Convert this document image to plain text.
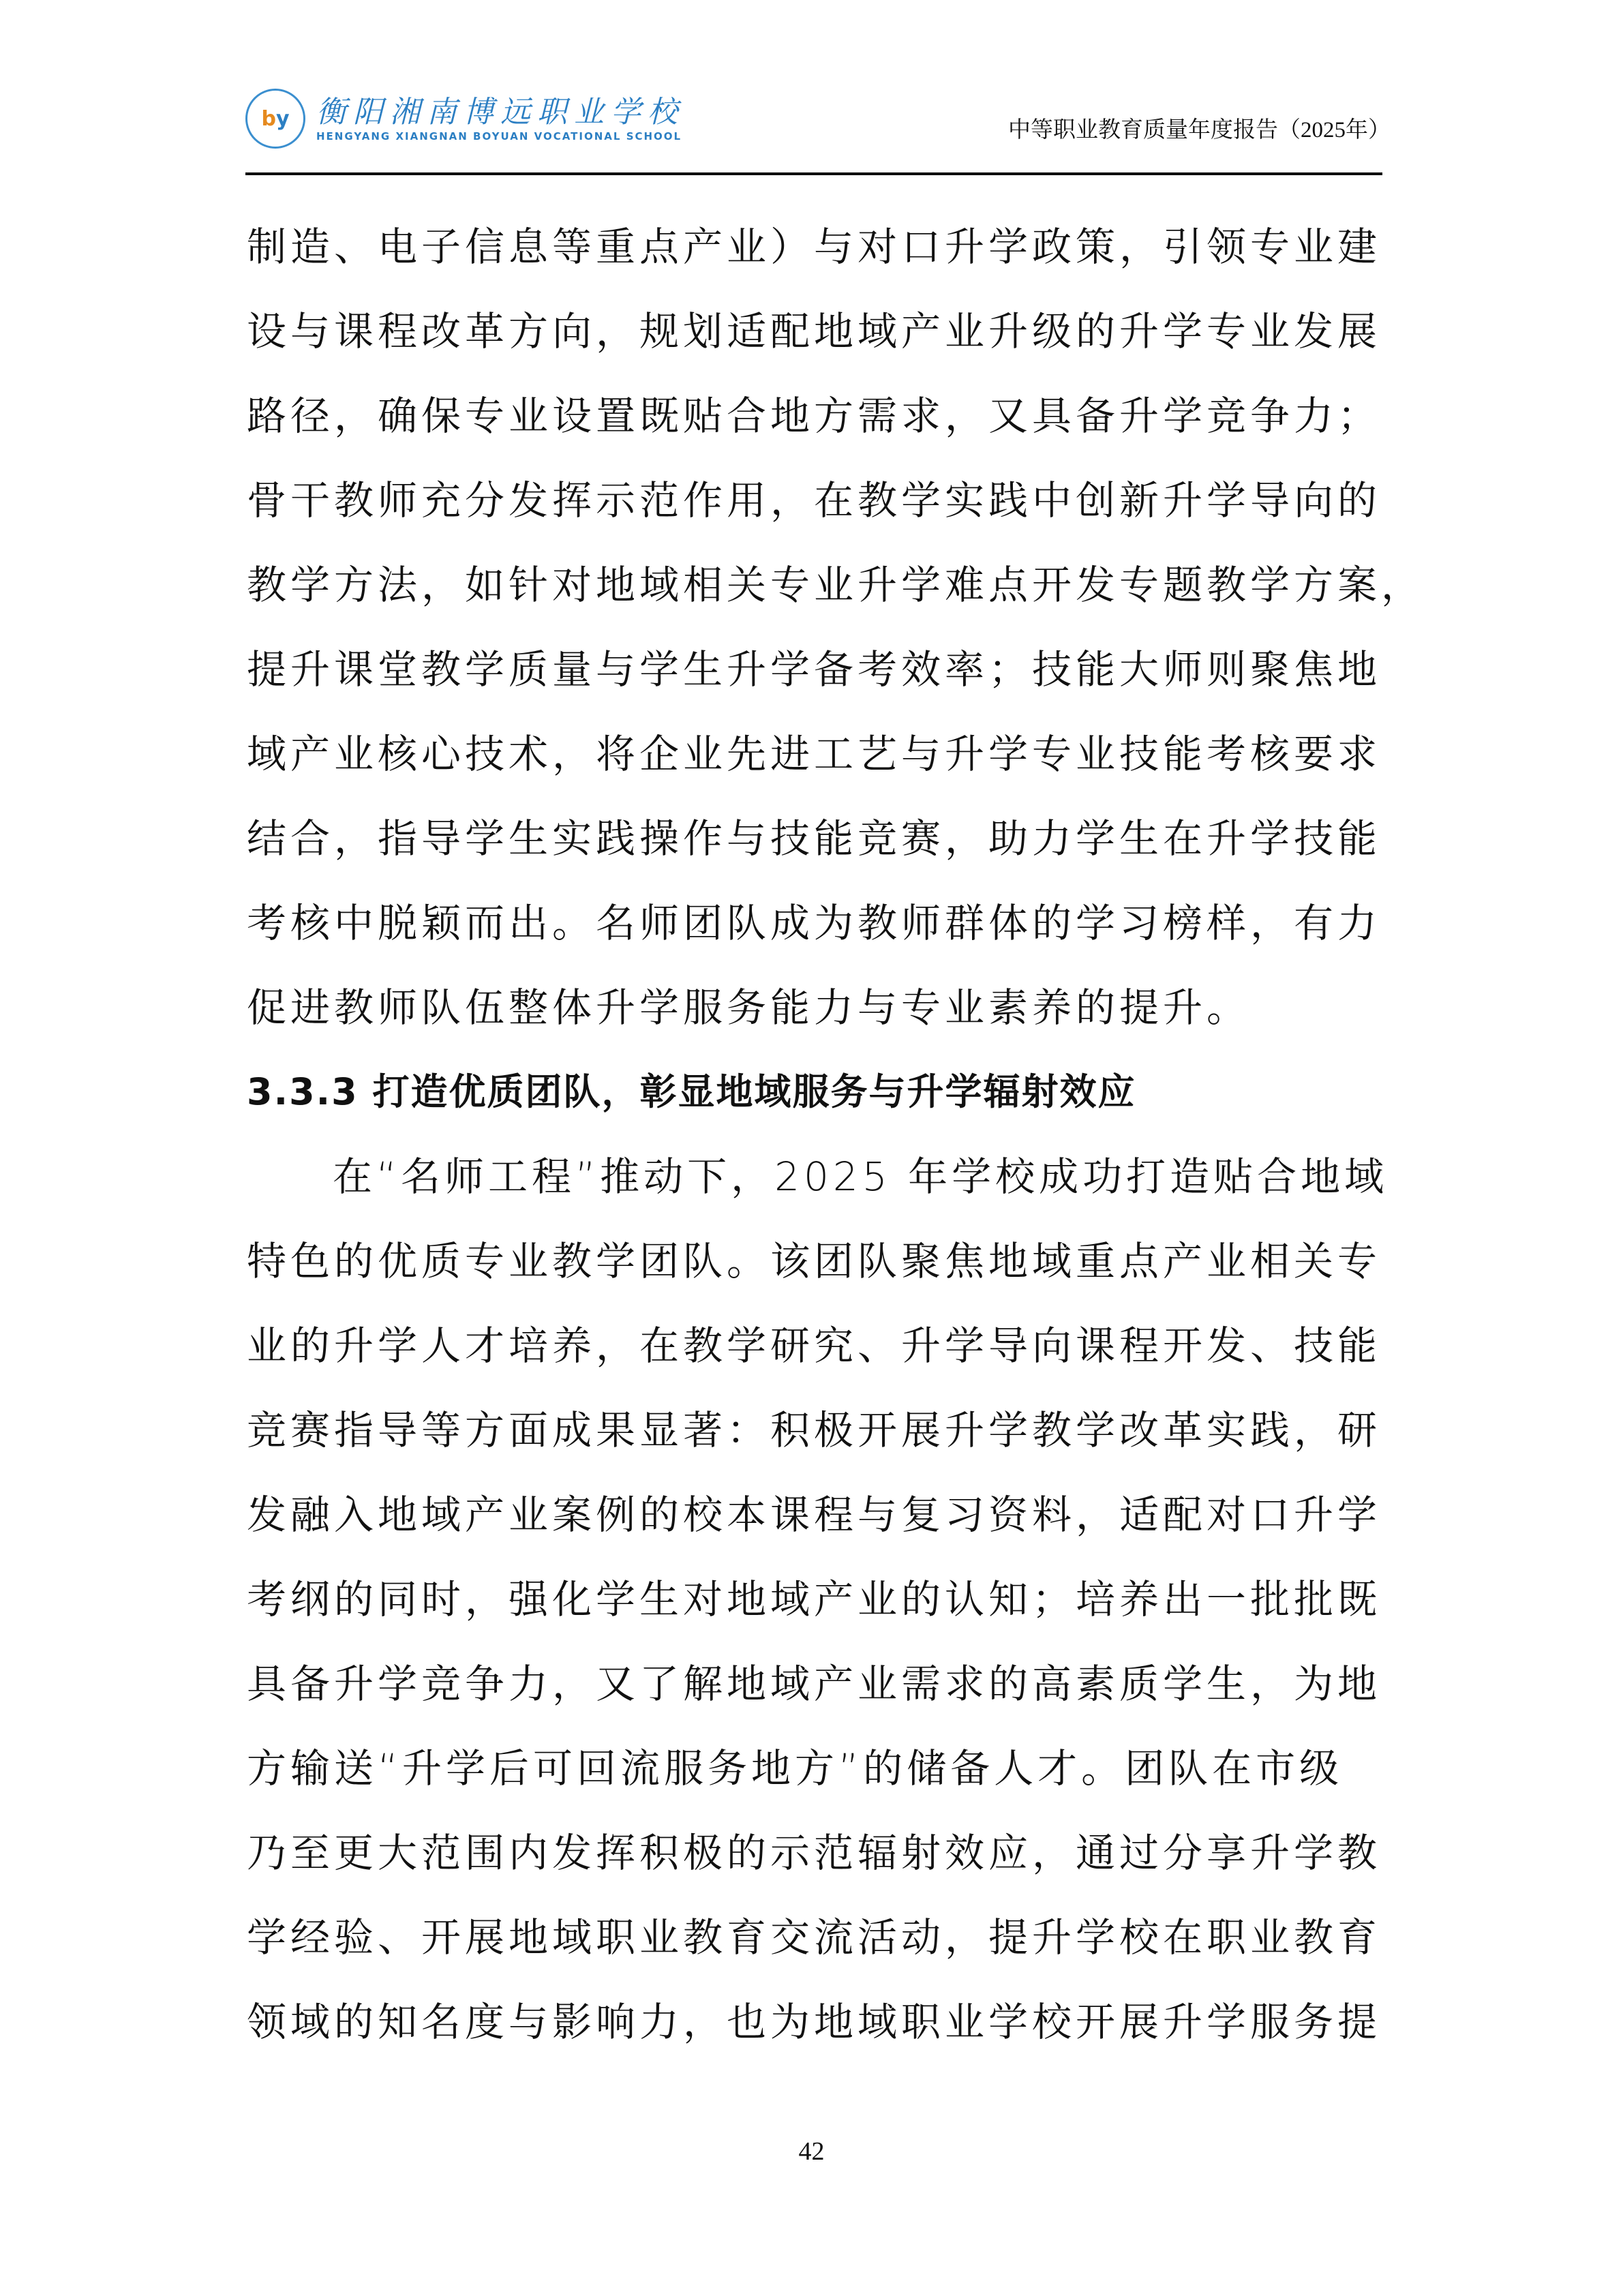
by 衡阳湘南博远职业学校
HENGYANG XIANGNAN BOYUAN VOCATIONAL SCHOOL	中等职业教育质量年度报告（2025年）

制造、电子信息等重点产业）与对口升学政策，引领专业建
设与课程改革方向，规划适配地域产业升级的升学专业发展
路径，确保专业设置既贴合地方需求，又具备升学竞争力；
骨干教师充分发挥示范作用，在教学实践中创新升学导向的
教学方法，如针对地域相关专业升学难点开发专题教学方案，
提升课堂教学质量与学生升学备考效率；技能大师则聚焦地
域产业核心技术，将企业先进工艺与升学专业技能考核要求
结合，指导学生实践操作与技能竞赛，助力学生在升学技能
考核中脱颖而出。名师团队成为教师群体的学习榜样，有力
促进教师队伍整体升学服务能力与专业素养的提升。

3.3.3 打造优质团队，彰显地域服务与升学辐射效应

在“名师工程”推动下，2025 年学校成功打造贴合地域
特色的优质专业教学团队。该团队聚焦地域重点产业相关专
业的升学人才培养，在教学研究、升学导向课程开发、技能
竞赛指导等方面成果显著：积极开展升学教学改革实践，研
发融入地域产业案例的校本课程与复习资料，适配对口升学
考纲的同时，强化学生对地域产业的认知；培养出一批批既
具备升学竞争力，又了解地域产业需求的高素质学生，为地
方输送“升学后可回流服务地方”的储备人才。团队在市级
乃至更大范围内发挥积极的示范辐射效应，通过分享升学教
学经验、开展地域职业教育交流活动，提升学校在职业教育
领域的知名度与影响力，也为地域职业学校开展升学服务提

42
